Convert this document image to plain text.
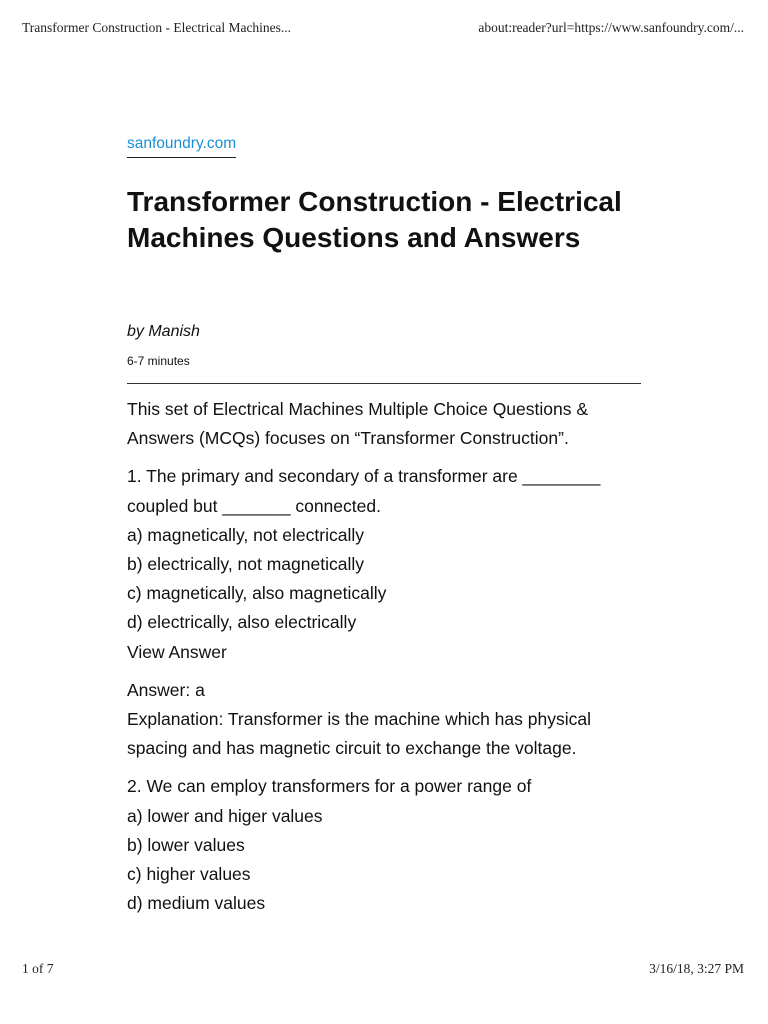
Transformer Construction - Electrical Machines...	about:reader?url=https://www.sanfoundry.com/...
sanfoundry.com
Transformer Construction - Electrical Machines Questions and Answers
by Manish
6-7 minutes

This set of Electrical Machines Multiple Choice Questions & Answers (MCQs) focuses on “Transformer Construction”.

1. The primary and secondary of a transformer are ________ coupled but _______ connected.
a) magnetically, not electrically
b) electrically, not magnetically
c) magnetically, also magnetically
d) electrically, also electrically
View Answer

Answer: a
Explanation: Transformer is the machine which has physical spacing and has magnetic circuit to exchange the voltage.

2. We can employ transformers for a power range of
a) lower and higer values
b) lower values
c) higher values
d) medium values

1 of 7	3/16/18, 3:27 PM
